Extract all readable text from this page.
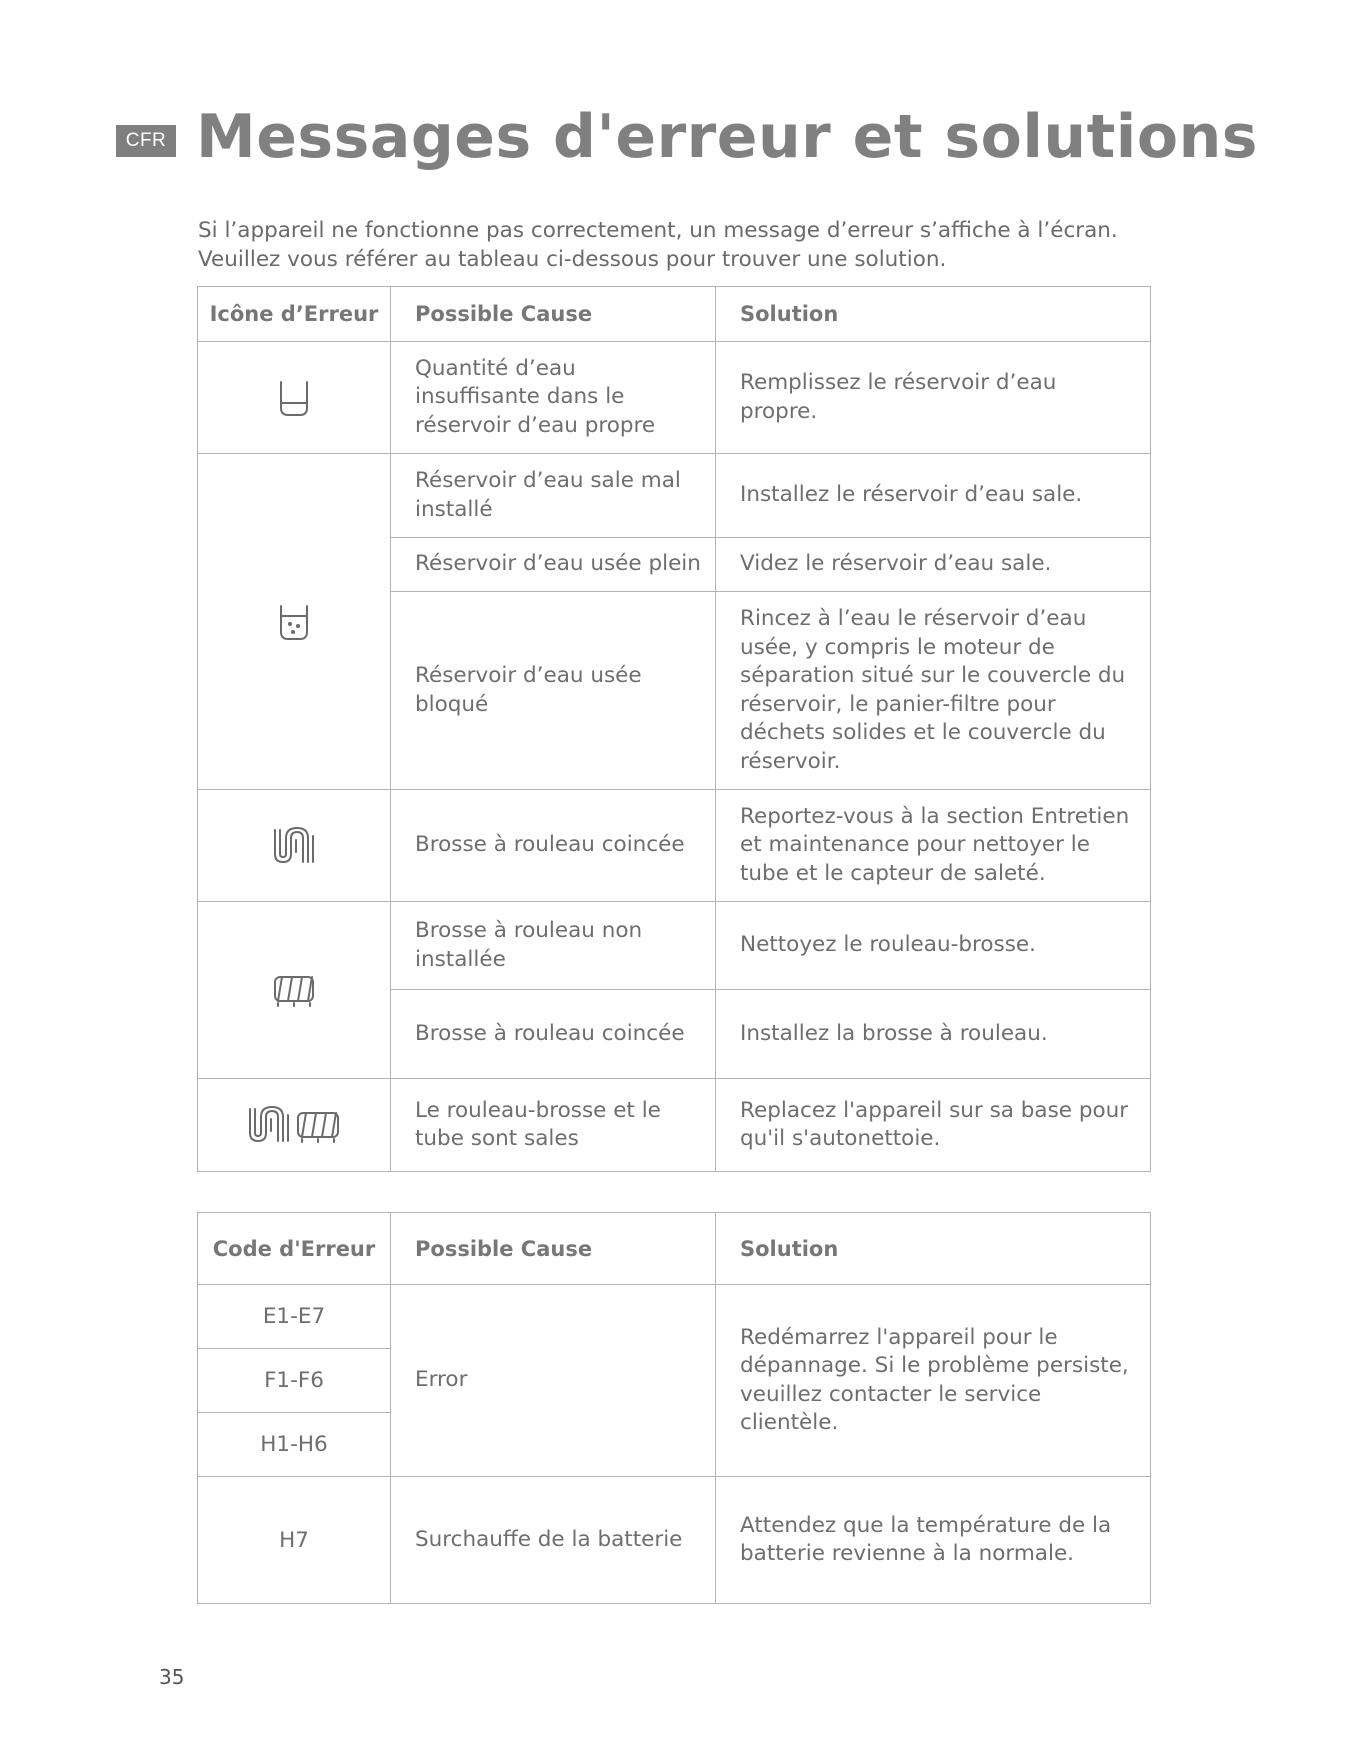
CFR Messages d'erreur et solutions

Si l’appareil ne fonctionne pas correctement, un message d’erreur s’affiche à l’écran.

Veuillez vous référer au tableau ci-dessous pour trouver une solution.

Icône d’Erreur	Possible Cause	Solution
	Quantité d’eau insuffisante dans le réservoir d’eau propre	Remplissez le réservoir d’eau propre.
	Réservoir d’eau sale mal installé	Installez le réservoir d’eau sale.
	Réservoir d’eau usée plein	Videz le réservoir d’eau sale.
	Réservoir d’eau usée bloqué	Rincez à l’eau le réservoir d’eau usée, y compris le moteur de séparation situé sur le couvercle du réservoir, le panier-filtre pour déchets solides et le couvercle du réservoir.
	Brosse à rouleau coincée	Reportez-vous à la section Entretien et maintenance pour nettoyer le tube et le capteur de saleté.
	Brosse à rouleau non installée	Nettoyez le rouleau-brosse.
	Brosse à rouleau coincée	Installez la brosse à rouleau.
	Le rouleau-brosse et le tube sont sales	Replacez l'appareil sur sa base pour qu'il s'autonettoie.
Code d'Erreur	Possible Cause	Solution
E1-E7	Error	Redémarrez l'appareil pour le dépannage. Si le problème persiste, veuillez contacter le service clientèle.
F1-F6		
H1-H6		
H7	Surchauffe de la batterie	Attendez que la température de la batterie revienne à la normale.
35
